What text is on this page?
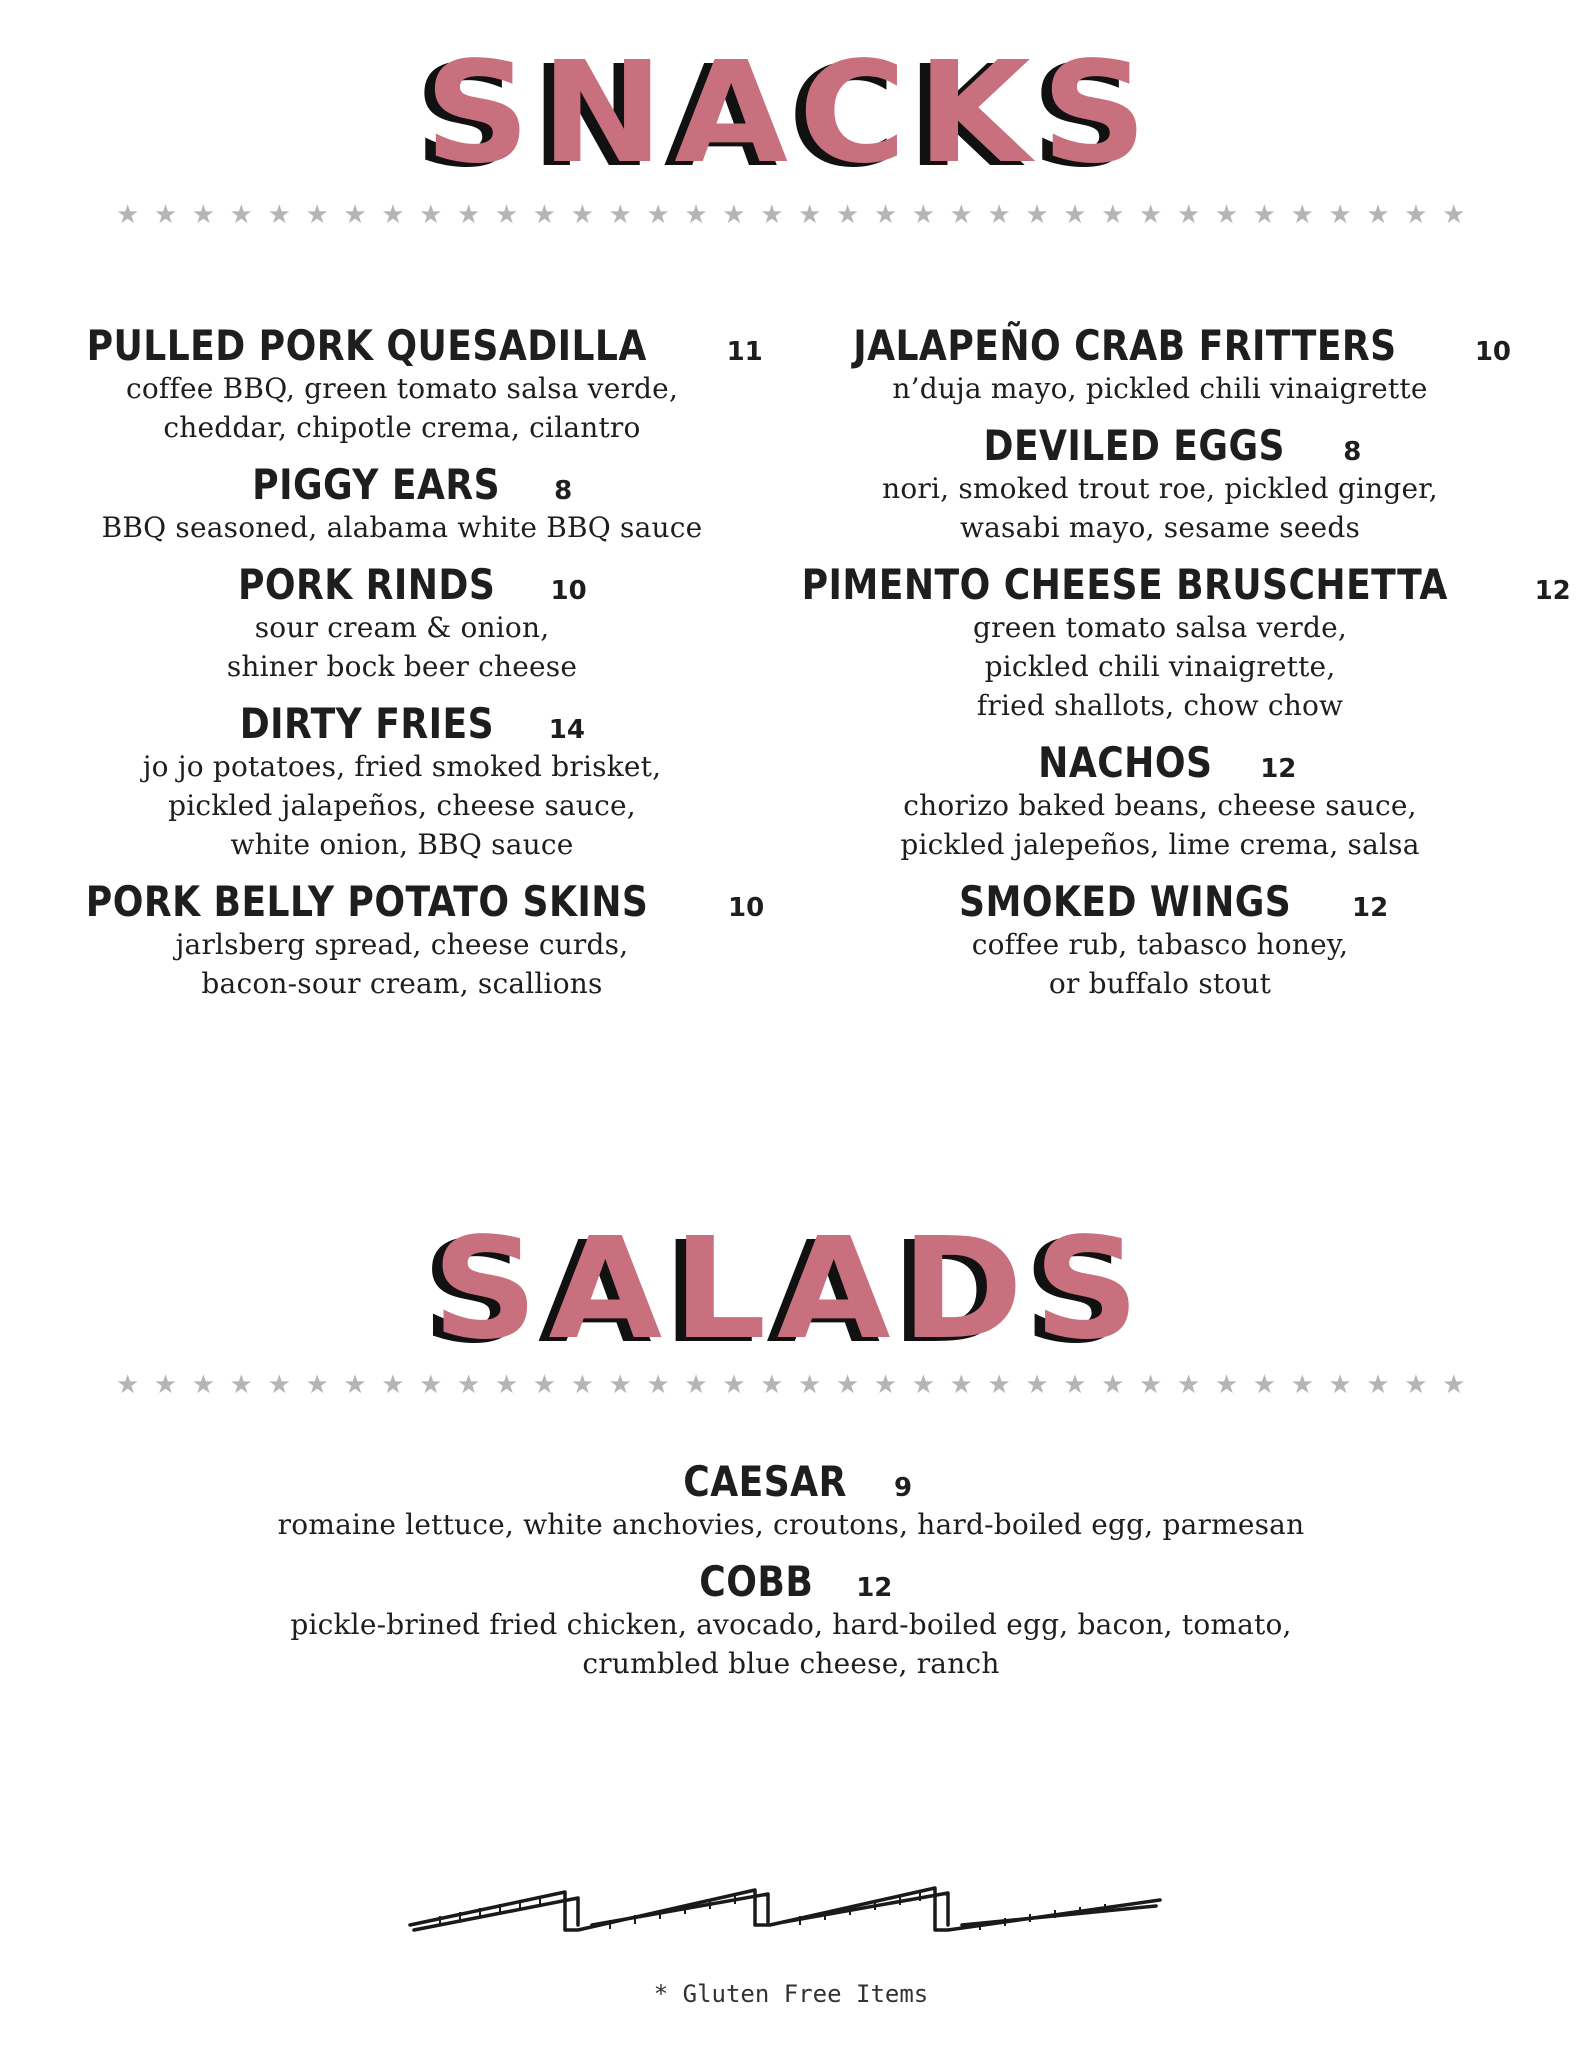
SNACKS
★ ★ ★ ★ ★ ★ ★ ★ ★ ★ ★ ★ ★ ★ ★ ★ ★ ★ ★ ★ ★ ★ ★ ★ ★ ★ ★ ★ ★ ★ ★ ★ ★ ★ ★ ★
PULLED PORK QUESADILLA	11
coffee BBQ, green tomato salsa verde,
cheddar, chipotle crema, cilantro
PIGGY EARS 8
BBQ seasoned, alabama white BBQ sauce
PORK RINDS 10
sour cream & onion,
shiner bock beer cheese
DIRTY FRIES 14
jo jo potatoes, fried smoked brisket,
pickled jalapeños, cheese sauce,
white onion, BBQ sauce
PORK BELLY POTATO SKINS	10
jarlsberg spread, cheese curds,
bacon-sour cream, scallions
JALAPEÑO CRAB FRITTERS	10
n’duja mayo, pickled chili vinaigrette
DEVILED EGGS 8
nori, smoked trout roe, pickled ginger,
wasabi mayo, sesame seeds
PIMENTO CHEESE BRUSCHETTA	12
green tomato salsa verde,
pickled chili vinaigrette,
fried shallots, chow chow
NACHOS 12
chorizo baked beans, cheese sauce,
pickled jalepeños, lime crema, salsa
SMOKED WINGS 12
coffee rub, tabasco honey,
or buffalo stout
SALADS
★ ★ ★ ★ ★ ★ ★ ★ ★ ★ ★ ★ ★ ★ ★ ★ ★ ★ ★ ★ ★ ★ ★ ★ ★ ★ ★ ★ ★ ★ ★ ★ ★ ★ ★ ★
CAESAR 9
romaine lettuce, white anchovies, croutons, hard-boiled egg, parmesan
COBB 12
pickle-brined fried chicken, avocado, hard-boiled egg, bacon, tomato,
crumbled blue cheese, ranch
* Gluten Free Items
